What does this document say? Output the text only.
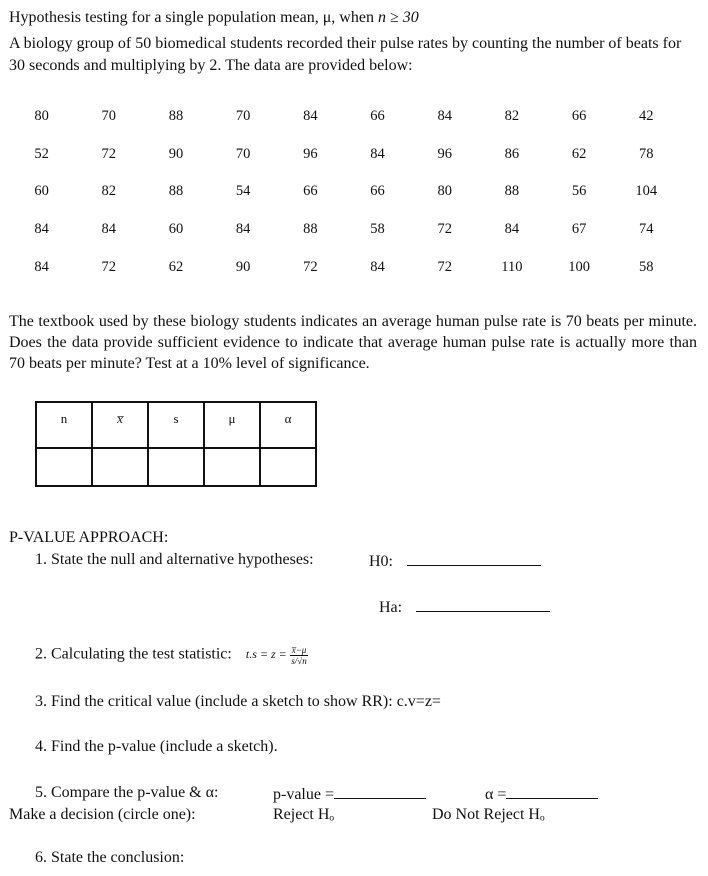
Hypothesis testing for a single population mean, μ, when n ≥ 30
A biology group of 50 biomedical students recorded their pulse rates by counting the number of beats for 30 seconds and multiplying by 2. The data are provided below:
80	70	88	70	84	66	84	82	66	42
52	72	90	70	96	84	96	86	62	78
60	82	88	54	66	66	80	88	56	104
84	84	60	84	88	58	72	84	67	74
84	72	62	90	72	84	72	110	100	58
The textbook used by these biology students indicates an average human pulse rate is 70 beats per minute. Does the data provide sufficient evidence to indicate that average human pulse rate is actually more than 70 beats per minute? Test at a 10% level of significance.
n	x̅	s	μ	α

P-VALUE APPROACH:
1. State the null and alternative hypotheses:	H0:
Ha:
2. Calculating the test statistic: $t.s = z = \frac{x̅-\mu}{s/√n}$
3. Find the critical value (include a sketch to show RR): c.v=z=
4. Find the p-value (include a sketch).
5. Compare the p-value & α:
Make a decision (circle one):
p-value =
Reject Hₒ
α =
Do Not Reject Hₒ
6. State the conclusion:
